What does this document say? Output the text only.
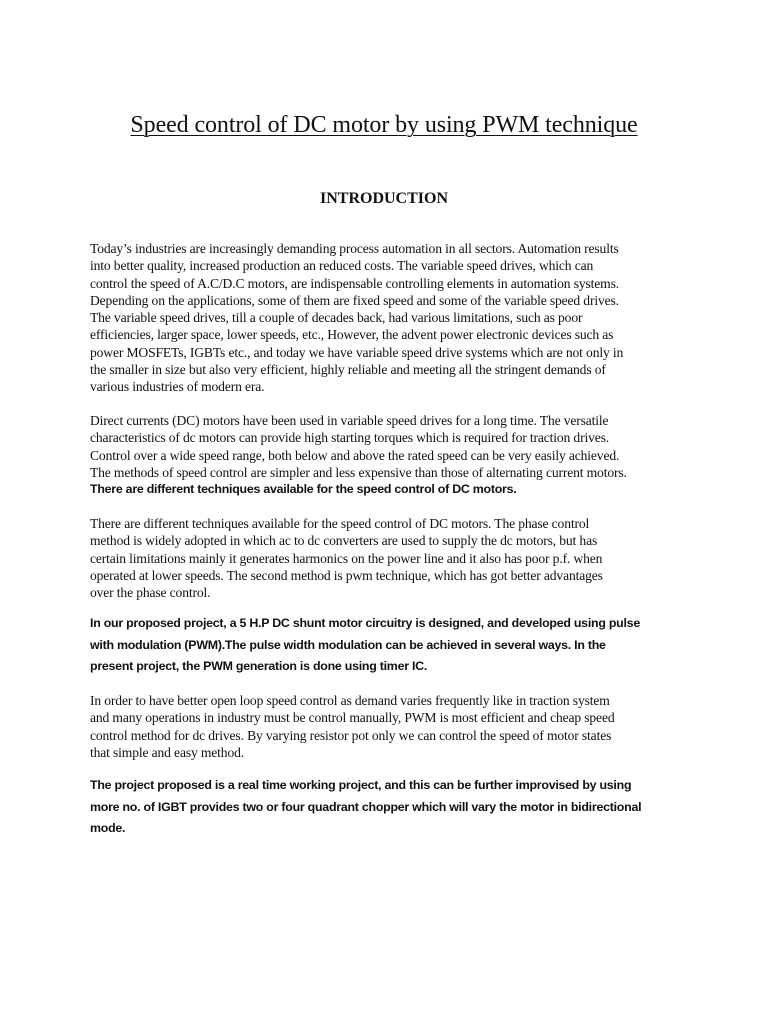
Speed control of DC motor by using PWM technique
INTRODUCTION
Today’s industries are increasingly demanding process automation in all sectors. Automation results
into better quality, increased production an reduced costs. The variable speed drives, which can
control the speed of A.C/D.C motors, are indispensable controlling elements in automation systems.
Depending on the applications, some of them are fixed speed and some of the variable speed drives.
The variable speed drives, till a couple of decades back, had various limitations, such as poor
efficiencies, larger space, lower speeds, etc., However, the advent power electronic devices such as
power MOSFETs, IGBTs etc., and today we have variable speed drive systems which are not only in
the smaller in size but also very efficient, highly reliable and meeting all the stringent demands of
various industries of modern era.
Direct currents (DC) motors have been used in variable speed drives for a long time. The versatile
characteristics of dc motors can provide high starting torques which is required for traction drives.
Control over a wide speed range, both below and above the rated speed can be very easily achieved.
The methods of speed control are simpler and less expensive than those of alternating current motors.
There are different techniques available for the speed control of DC motors.
There are different techniques available for the speed control of DC motors. The phase control
method is widely adopted in which ac to dc converters are used to supply the dc motors, but has
certain limitations mainly it generates harmonics on the power line and it also has poor p.f. when
operated at lower speeds. The second method is pwm technique, which has got better advantages
over the phase control.
In our proposed project, a 5 H.P DC shunt motor circuitry is designed, and developed using pulse
with modulation (PWM).The pulse width modulation can be achieved in several ways. In the
present project, the PWM generation is done using timer IC.
In order to have better open loop speed control as demand varies frequently like in traction system
and many operations in industry must be control manually, PWM is most efficient and cheap speed
control method for dc drives. By varying resistor pot only we can control the speed of motor states
that simple and easy method.
The project proposed is a real time working project, and this can be further improvised by using
more no. of IGBT provides two or four quadrant chopper which will vary the motor in bidirectional
mode.
